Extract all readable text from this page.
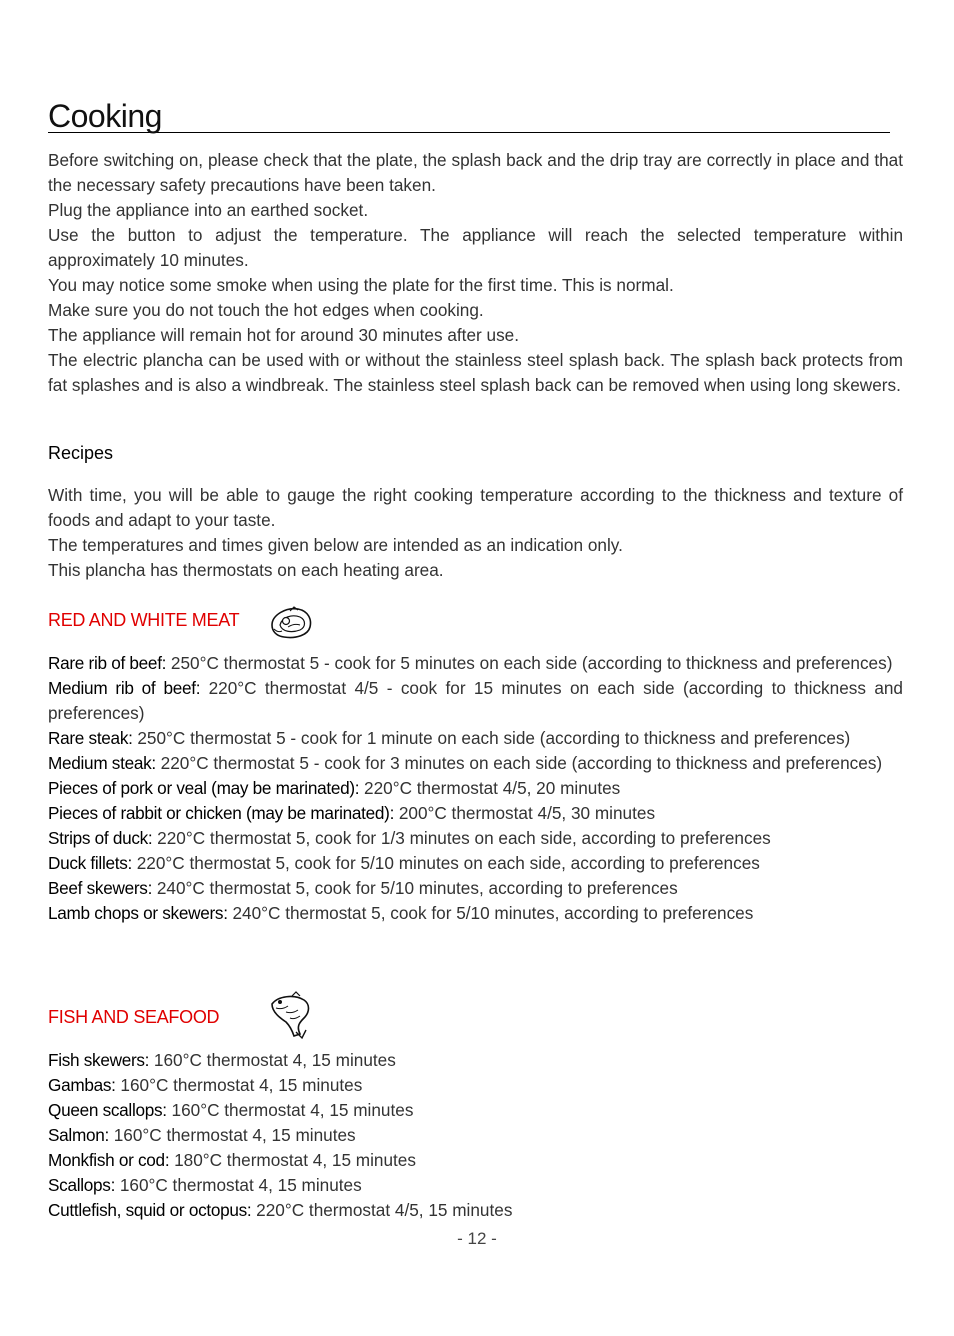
Cooking

Before switching on, please check that the plate, the splash back and the drip tray are correctly in place and that the necessary safety precautions have been taken.

Plug the appliance into an earthed socket.

Use the button to adjust the temperature. The appliance will reach the selected temperature within approximately 10 minutes.

You may notice some smoke when using the plate for the first time. This is normal.

Make sure you do not touch the hot edges when cooking.

The appliance will remain hot for around 30 minutes after use.

The electric plancha can be used with or without the stainless steel splash back. The splash back protects from fat splashes and is also a windbreak. The stainless steel splash back can be removed when using long skewers.

Recipes

With time, you will be able to gauge the right cooking temperature according to the thickness and texture of foods and adapt to your taste.

The temperatures and times given below are intended as an indication only.

This plancha has thermostats on each heating area.

RED AND WHITE MEAT

Rare rib of beef: 250°C thermostat 5 - cook for 5 minutes on each side (according to thickness and preferences)

Medium rib of beef: 220°C thermostat 4/5 - cook for 15 minutes on each side (according to thickness and preferences)

Rare steak: 250°C thermostat 5 - cook for 1 minute on each side (according to thickness and preferences)

Medium steak: 220°C thermostat 5 - cook for 3 minutes on each side (according to thickness and preferences)

Pieces of pork or veal (may be marinated): 220°C thermostat 4/5, 20 minutes

Pieces of rabbit or chicken (may be marinated): 200°C thermostat 4/5, 30 minutes

Strips of duck: 220°C thermostat 5, cook for 1/3 minutes on each side, according to preferences

Duck fillets: 220°C thermostat 5, cook for 5/10 minutes on each side, according to preferences

Beef skewers: 240°C thermostat 5, cook for 5/10 minutes, according to preferences

Lamb chops or skewers: 240°C thermostat 5, cook for 5/10 minutes, according to preferences

FISH AND SEAFOOD

Fish skewers: 160°C thermostat 4, 15 minutes

Gambas: 160°C thermostat 4, 15 minutes

Queen scallops: 160°C thermostat 4, 15 minutes

Salmon: 160°C thermostat 4, 15 minutes

Monkfish or cod: 180°C thermostat 4, 15 minutes

Scallops: 160°C thermostat 4, 15 minutes

Cuttlefish, squid or octopus: 220°C thermostat 4/5, 15 minutes

- 12 -
